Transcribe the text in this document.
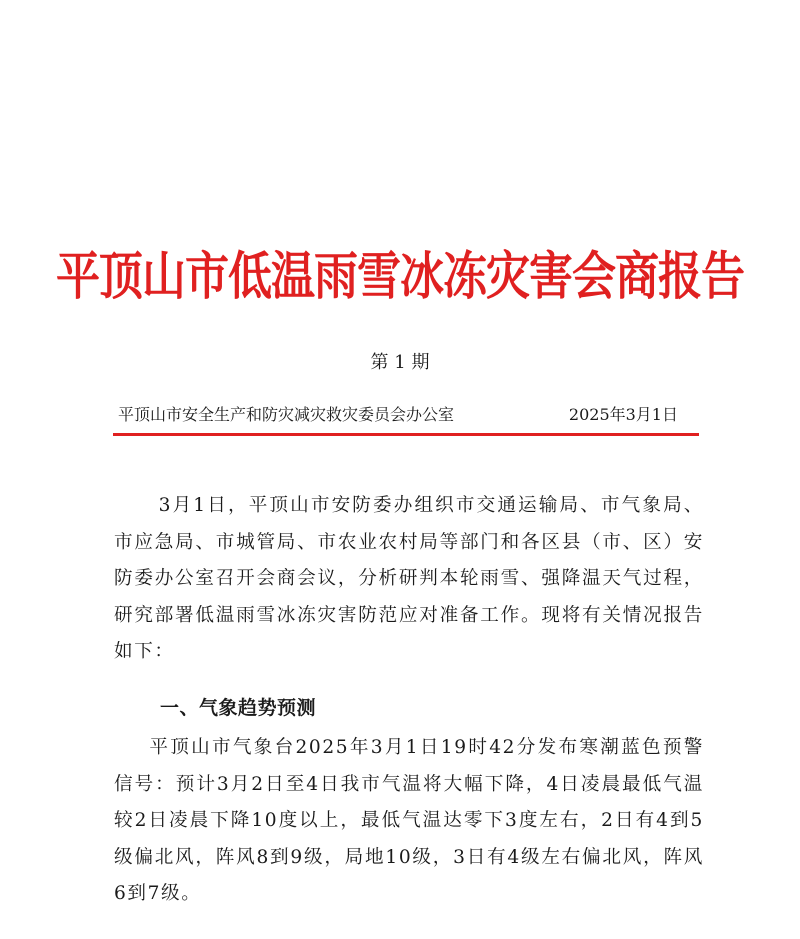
平顶山市低温雨雪冰冻灾害会商报告
第 1 期
平顶山市安全生产和防灾减灾救灾委员会办公室	2025年3月1日
3月1日，平顶山市安防委办组织市交通运输局、市气象局、市应急局、市城管局、市农业农村局等部门和各区县（市、区）安防委办公室召开会商会议，分析研判本轮雨雪、强降温天气过程，研究部署低温雨雪冰冻灾害防范应对准备工作。现将有关情况报告如下：
一、气象趋势预测
平顶山市气象台2025年3月1日19时42分发布寒潮蓝色预警信号：预计3月2日至4日我市气温将大幅下降，4日凌晨最低气温较2日凌晨下降10度以上，最低气温达零下3度左右，2日有4到5级偏北风，阵风8到9级，局地10级，3日有4级左右偏北风，阵风6到7级。
